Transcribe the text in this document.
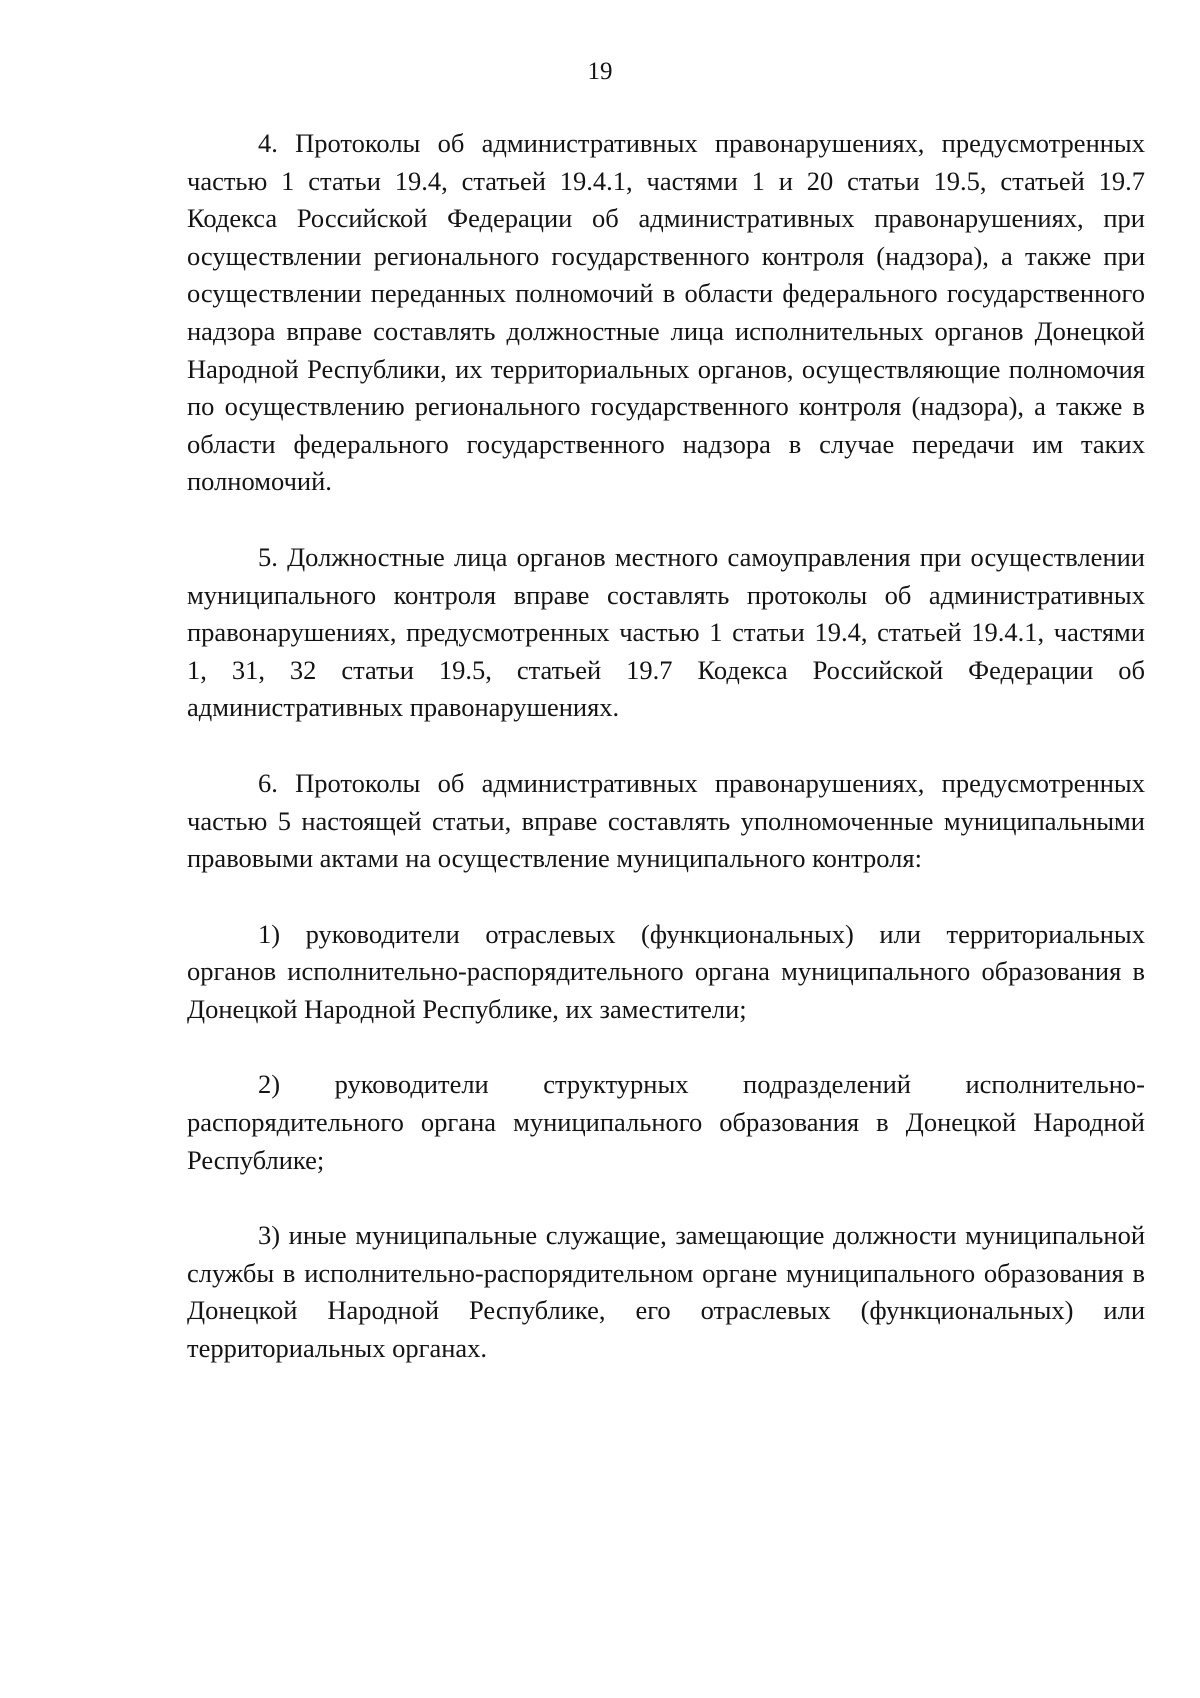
19

4. Протоколы об административных правонарушениях, предусмотренных частью 1 статьи 19.4, статьей 19.4.1, частями 1 и 20 статьи 19.5, статьей 19.7 Кодекса Российской Федерации об административных правонарушениях, при осуществлении регионального государственного контроля (надзора), а также при осуществлении переданных полномочий в области федерального государственного надзора вправе составлять должностные лица исполнительных органов Донецкой Народной Республики, их территориальных органов, осуществляющие полномочия по осуществлению регионального государственного контроля (надзора), а также в области федерального государственного надзора в случае передачи им таких полномочий.

5. Должностные лица органов местного самоуправления при осуществлении муниципального контроля вправе составлять протоколы об административных правонарушениях, предусмотренных частью 1 статьи 19.4, статьей 19.4.1, частями 1, 31, 32 статьи 19.5, статьей 19.7 Кодекса Российской Федерации об административных правонарушениях.

6. Протоколы об административных правонарушениях, предусмотренных частью 5 настоящей статьи, вправе составлять уполномоченные муниципальными правовыми актами на осуществление муниципального контроля:

1) руководители отраслевых (функциональных) или территориальных органов исполнительно-распорядительного органа муниципального образования в Донецкой Народной Республике, их заместители;

2) руководители структурных подразделений исполнительно-распорядительного органа муниципального образования в Донецкой Народной Республике;

3) иные муниципальные служащие, замещающие должности муниципальной службы в исполнительно-распорядительном органе муниципального образования в Донецкой Народной Республике, его отраслевых (функциональных) или территориальных органах.
